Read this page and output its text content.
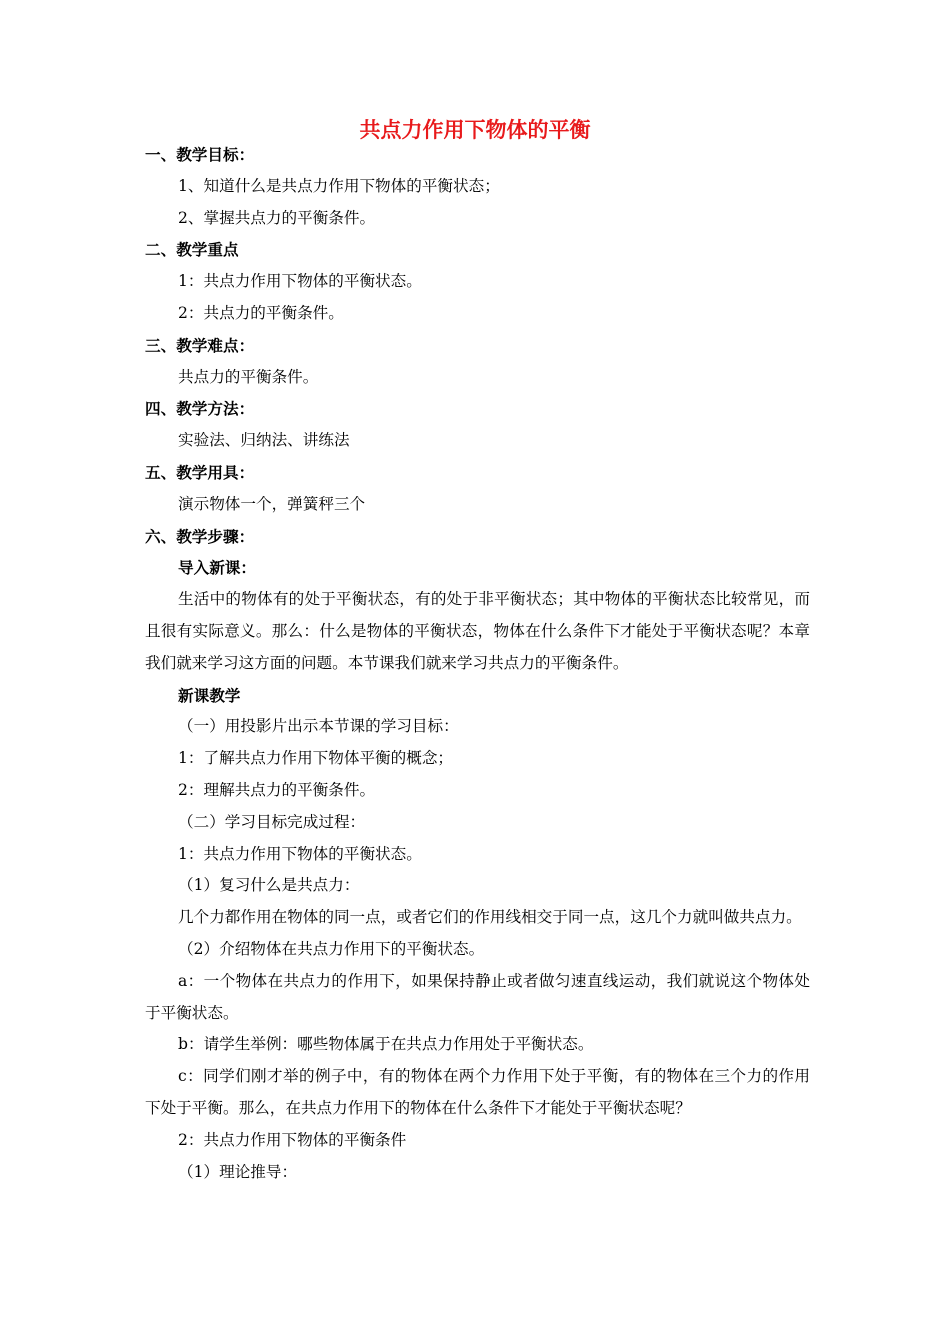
共点力作用下物体的平衡
一、教学目标：
1、知道什么是共点力作用下物体的平衡状态；
2、掌握共点力的平衡条件。
二、教学重点
1：共点力作用下物体的平衡状态。
2：共点力的平衡条件。
三、教学难点：
共点力的平衡条件。
四、教学方法：
实验法、归纳法、讲练法
五、教学用具：
演示物体一个，弹簧秤三个
六、教学步骤：
导入新课：
生活中的物体有的处于平衡状态，有的处于非平衡状态；其中物体的平衡状态比较常见，而且很有实际意义。那么：什么是物体的平衡状态，物体在什么条件下才能处于平衡状态呢？本章我们就来学习这方面的问题。本节课我们就来学习共点力的平衡条件。
新课教学
（一）用投影片出示本节课的学习目标：
1：了解共点力作用下物体平衡的概念；
2：理解共点力的平衡条件。
（二）学习目标完成过程：
1：共点力作用下物体的平衡状态。
（1）复习什么是共点力：
几个力都作用在物体的同一点，或者它们的作用线相交于同一点，这几个力就叫做共点力。
（2）介绍物体在共点力作用下的平衡状态。
a：一个物体在共点力的作用下，如果保持静止或者做匀速直线运动，我们就说这个物体处于平衡状态。
b：请学生举例：哪些物体属于在共点力作用处于平衡状态。
c：同学们刚才举的例子中，有的物体在两个力作用下处于平衡，有的物体在三个力的作用下处于平衡。那么，在共点力作用下的物体在什么条件下才能处于平衡状态呢？
2：共点力作用下物体的平衡条件
（1）理论推导：
